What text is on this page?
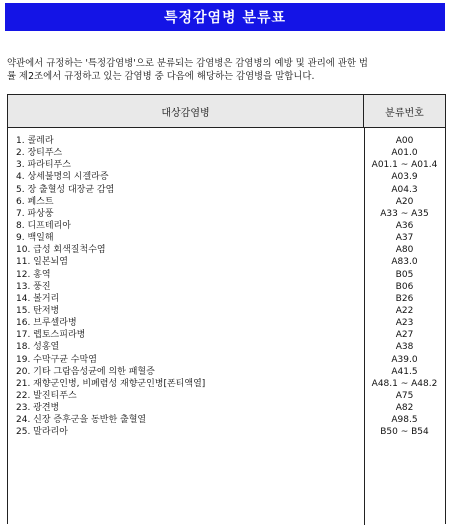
특정감염병 분류표
약관에서 규정하는 '특정감염병'으로 분류되는 감염병은 감염병의 예방 및 관리에 관한 법
률 제2조에서 규정하고 있는 감염병 중 다음에 해당하는 감염병을 말합니다.
대상감염병	분류번호
1. 콜레라	A00
2. 장티푸스	A01.0
3. 파라티푸스	A01.1 ~ A01.4
4. 상세불명의 시겔라증	A03.9
5. 장 출혈성 대장균 감염	A04.3
6. 페스트	A20
7. 파상풍	A33 ~ A35
8. 디프테리아	A36
9. 백일해	A37
10. 급성 회색질척수염	A80
11. 일본뇌염	A83.0
12. 홍역	B05
13. 풍진	B06
14. 볼거리	B26
15. 탄저병	A22
16. 브루셀라병	A23
17. 렙토스피라병	A27
18. 성홍열	A38
19. 수막구균 수막염	A39.0
20. 기타 그람음성균에 의한 패혈증	A41.5
21. 재향군인병, 비폐렴성 재향군인병[폰티액열]	A48.1 ~ A48.2
22. 발진티푸스	A75
23. 광견병	A82
24. 신장 증후군을 동반한 출혈열	A98.5
25. 말라리아	B50 ~ B54
